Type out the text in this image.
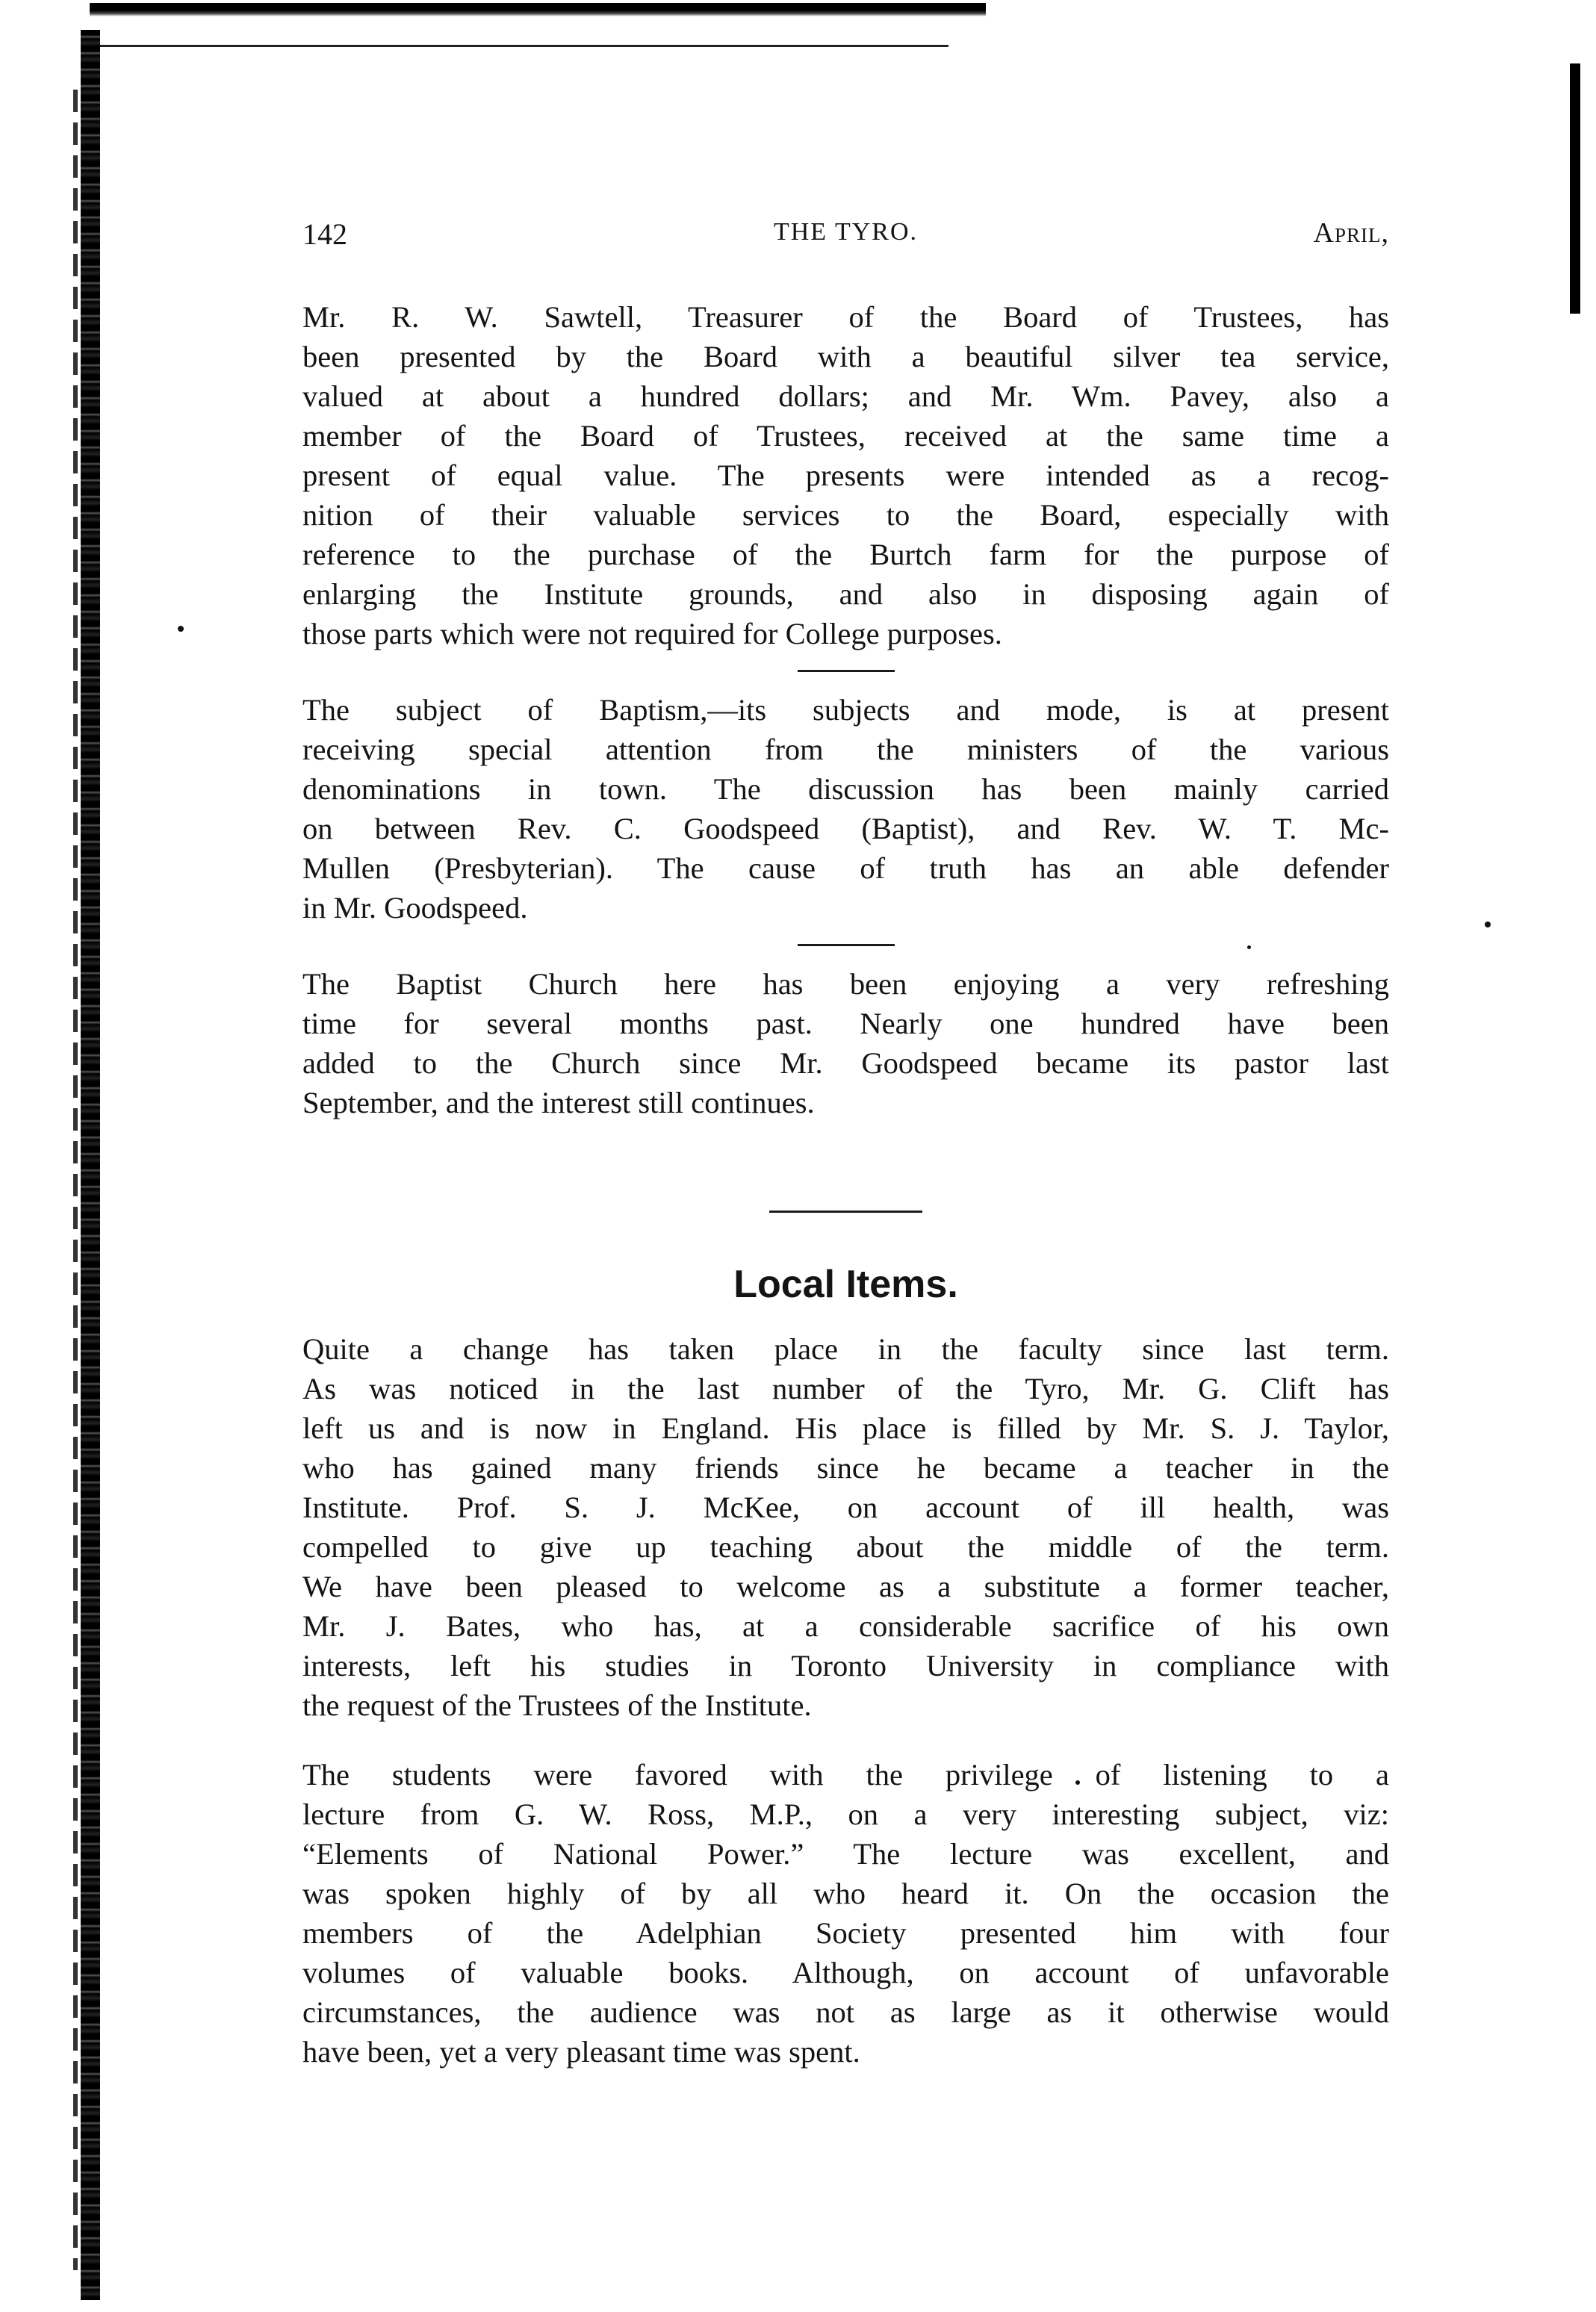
142	THE TYRO.	April,
Mr. R. W. Sawtell, Treasurer of the Board of Trustees, has
been presented by the Board with a beautiful silver tea service,
valued at about a hundred dollars; and Mr. Wm. Pavey, also a
member of the Board of Trustees, received at the same time a
present of equal value. The presents were intended as a recog-
nition of their valuable services to the Board, especially with
reference to the purchase of the Burtch farm for the purpose of
enlarging the Institute grounds, and also in disposing again of
those parts which were not required for College purposes.
The subject of Baptism,—its subjects and mode, is at present
receiving special attention from the ministers of the various
denominations in town. The discussion has been mainly carried
on between Rev. C. Goodspeed (Baptist), and Rev. W. T. Mc-
Mullen (Presbyterian). The cause of truth has an able defender
in Mr. Goodspeed.
The Baptist Church here has been enjoying a very refreshing
time for several months past. Nearly one hundred have been
added to the Church since Mr. Goodspeed became its pastor last
September, and the interest still continues.
Local Items.
Quite a change has taken place in the faculty since last term.
As was noticed in the last number of the Tyro, Mr. G. Clift has
left us and is now in England. His place is filled by Mr. S. J. Taylor,
who has gained many friends since he became a teacher in the
Institute. Prof. S. J. McKee, on account of ill health, was
compelled to give up teaching about the middle of the term.
We have been pleased to welcome as a substitute a former teacher,
Mr. J. Bates, who has, at a considerable sacrifice of his own
interests, left his studies in Toronto University in compliance with
the request of the Trustees of the Institute.
The students were favored with the privilege of listening to a
lecture from G. W. Ross, M.P., on a very interesting subject, viz:
“Elements of National Power.” The lecture was excellent, and
was spoken highly of by all who heard it. On the occasion the
members of the Adelphian Society presented him with four
volumes of valuable books. Although, on account of unfavorable
circumstances, the audience was not as large as it otherwise would
have been, yet a very pleasant time was spent.
